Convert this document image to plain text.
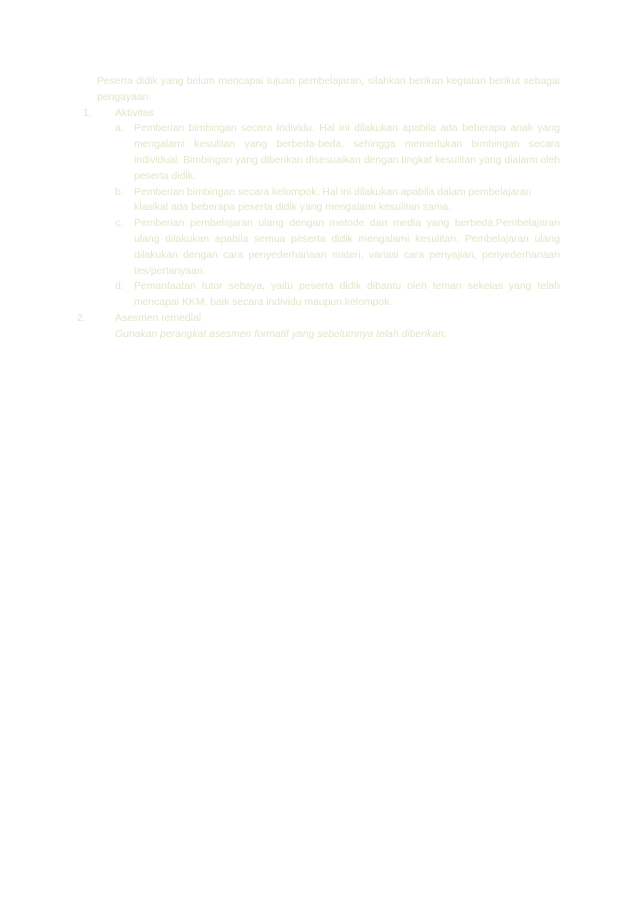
Peserta didik yang belum mencapai tujuan pembelajaran, silahkan berikan kegiatan berikut sebagai pengayaan.

1.	Aktivitas
a. Pemberian bimbingan secara individu. Hal ini dilakukan apabila ada beberapa anak yang mengalami kesulitan yang berbeda-beda, sehingga memerlukan bimbingan secara individual. Bimbingan yang diberikan disesuaikan dengan tingkat kesulitan yang dialami oleh peserta didik.
b. Pemberian bimbingan secara kelompok. Hal ini dilakukan apabila dalam pembelajaran klasikal ada beberapa peserta didik yang mengalami kesulitan sama.
c. Pemberian pembelajaran ulang dengan metode dan media yang berbeda.Pembelajaran ulang dilakukan apabila semua peserta didik mengalami kesulitan. Pembelajaran ulang dilakukan dengan cara penyederhanaan materi, variasi cara penyajian, penyederhanaan tes/pertanyaan.
d. Pemanfaatan tutor sebaya, yaitu peserta didik dibantu oleh teman sekelas yang telah mencapai KKM, baik secara individu maupun kelompok.
2.	Asesmen remedial
Gunakan perangkat asesmen formatif yang sebelumnya telah diberikan.
